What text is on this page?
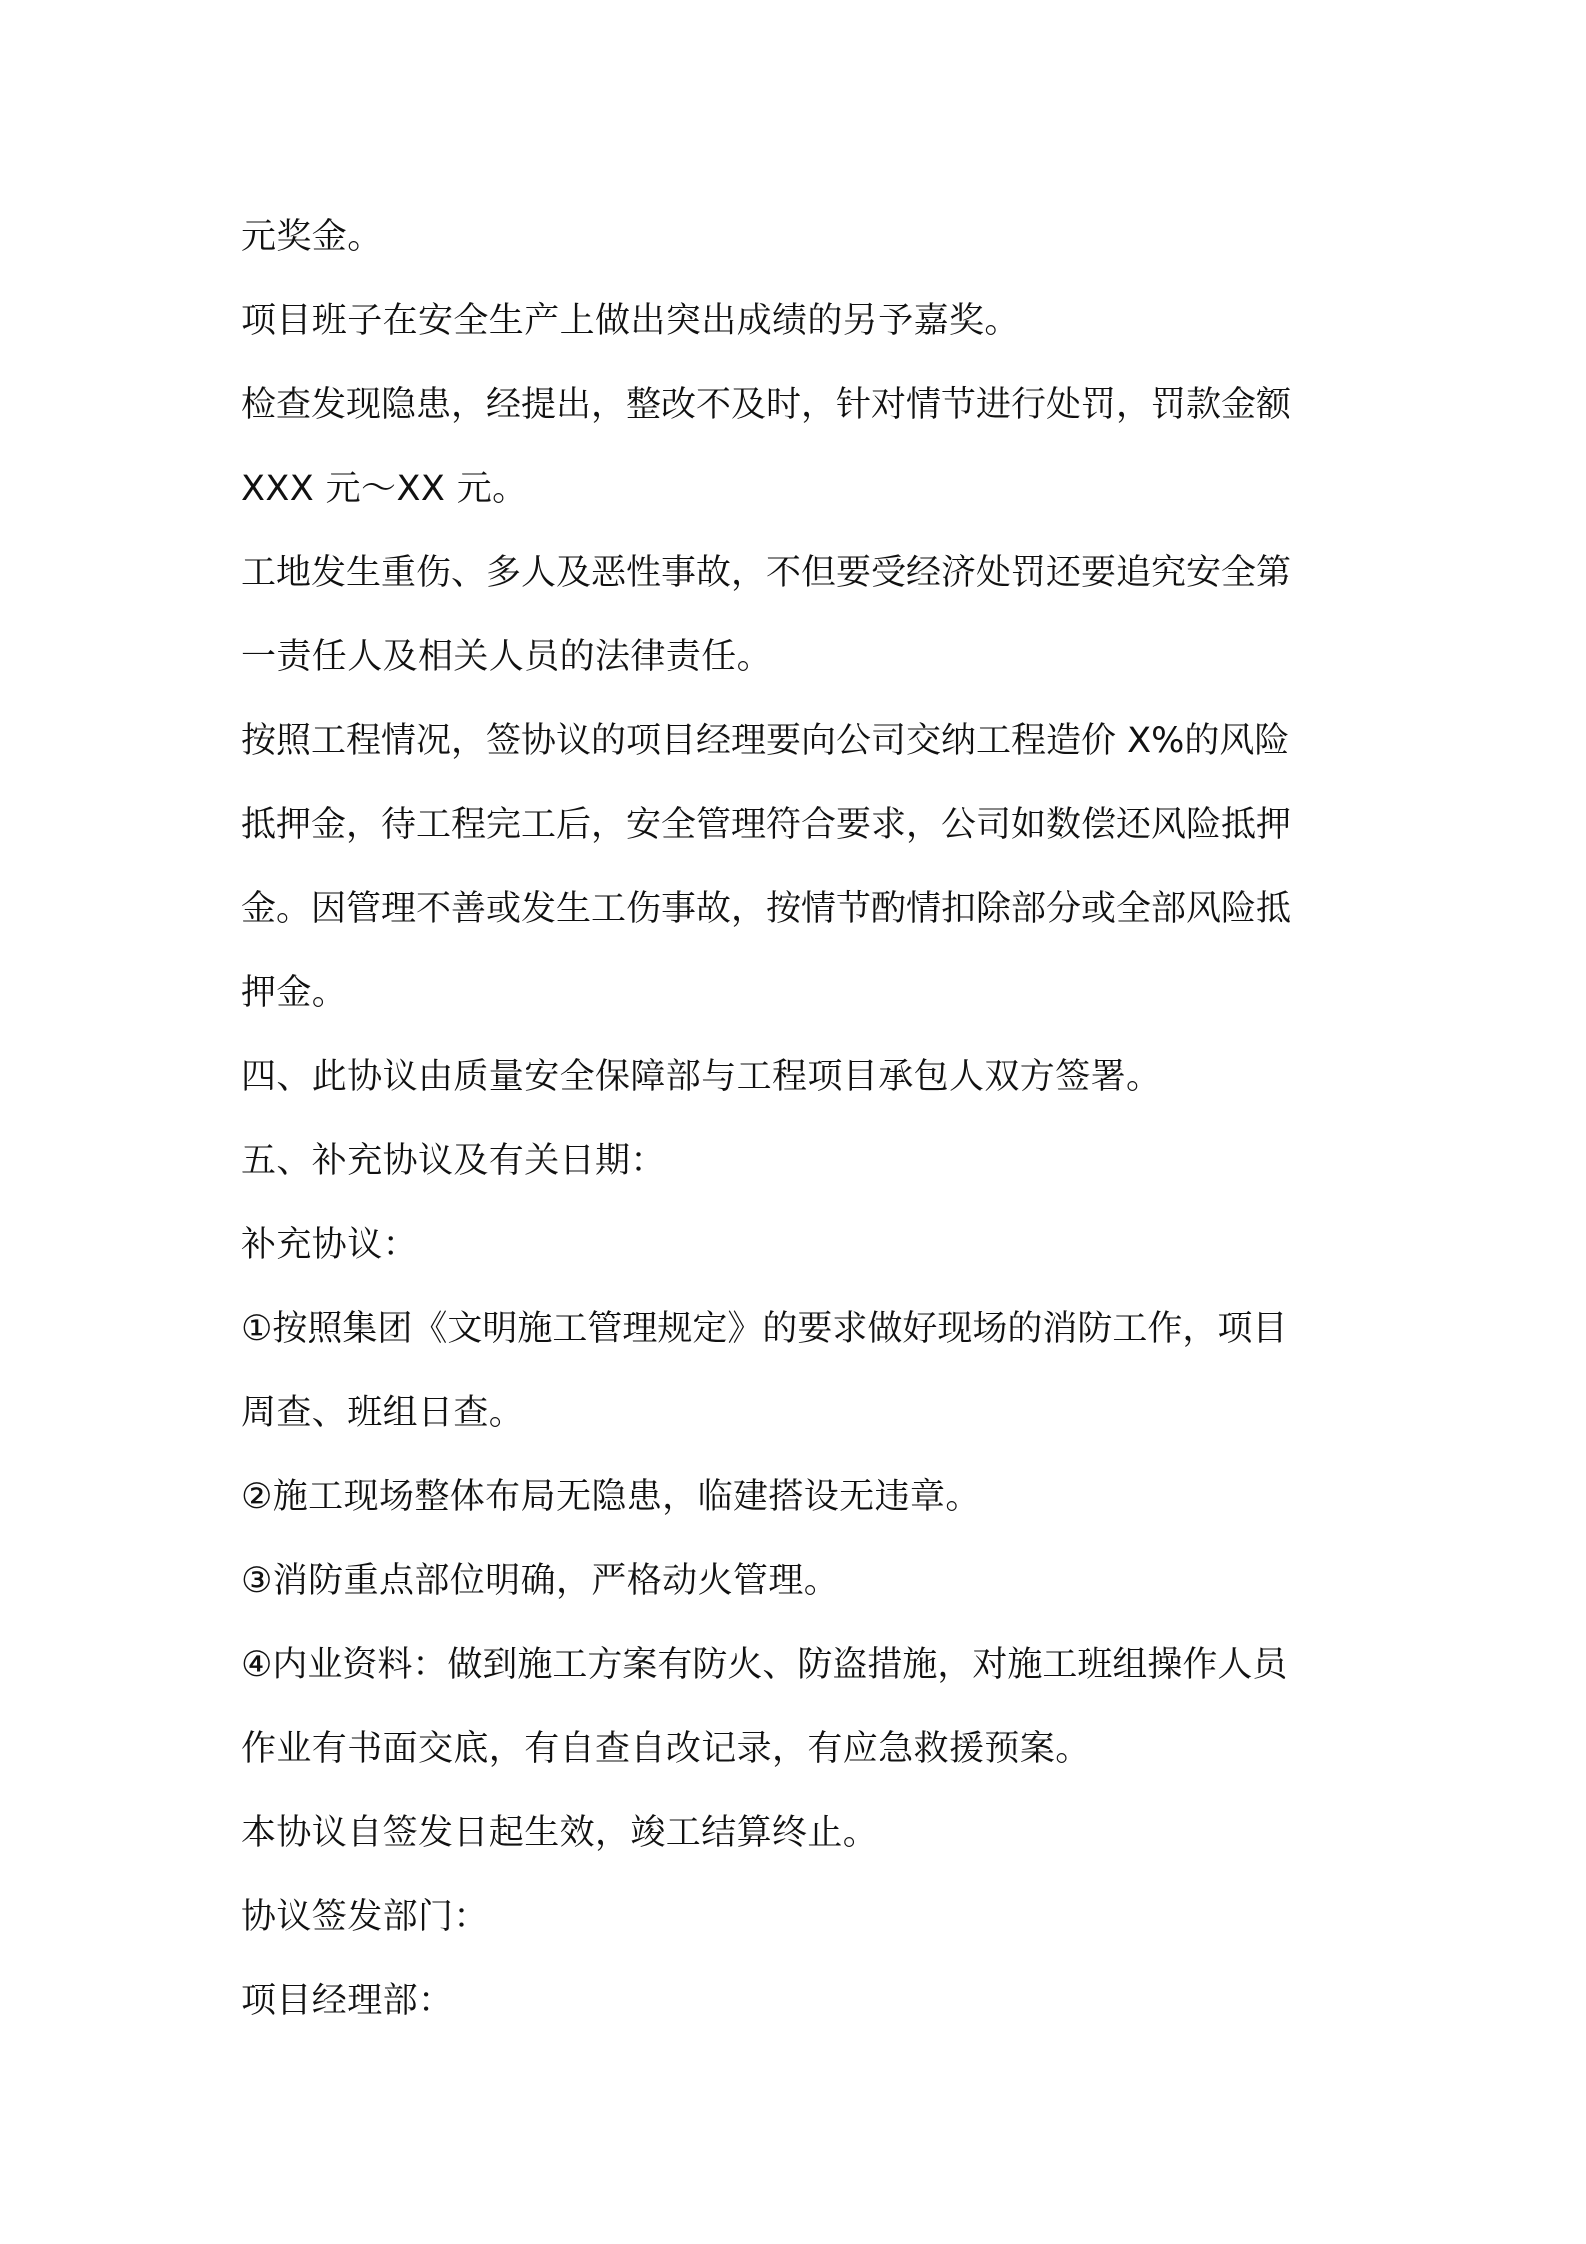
元奖金。
项目班子在安全生产上做出突出成绩的另予嘉奖。
检查发现隐患，经提出，整改不及时，针对情节进行处罚，罚款金额
XXX 元～XX 元。
工地发生重伤、多人及恶性事故，不但要受经济处罚还要追究安全第
一责任人及相关人员的法律责任。
按照工程情况，签协议的项目经理要向公司交纳工程造价 X%的风险
抵押金，待工程完工后，安全管理符合要求，公司如数偿还风险抵押
金。因管理不善或发生工伤事故，按情节酌情扣除部分或全部风险抵
押金。
四、此协议由质量安全保障部与工程项目承包人双方签署。
五、补充协议及有关日期：
补充协议：
①按照集团《文明施工管理规定》的要求做好现场的消防工作，项目
周查、班组日查。
②施工现场整体布局无隐患，临建搭设无违章。
③消防重点部位明确，严格动火管理。
④内业资料：做到施工方案有防火、防盗措施，对施工班组操作人员
作业有书面交底，有自查自改记录，有应急救援预案。
本协议自签发日起生效，竣工结算终止。
协议签发部门：
项目经理部：
